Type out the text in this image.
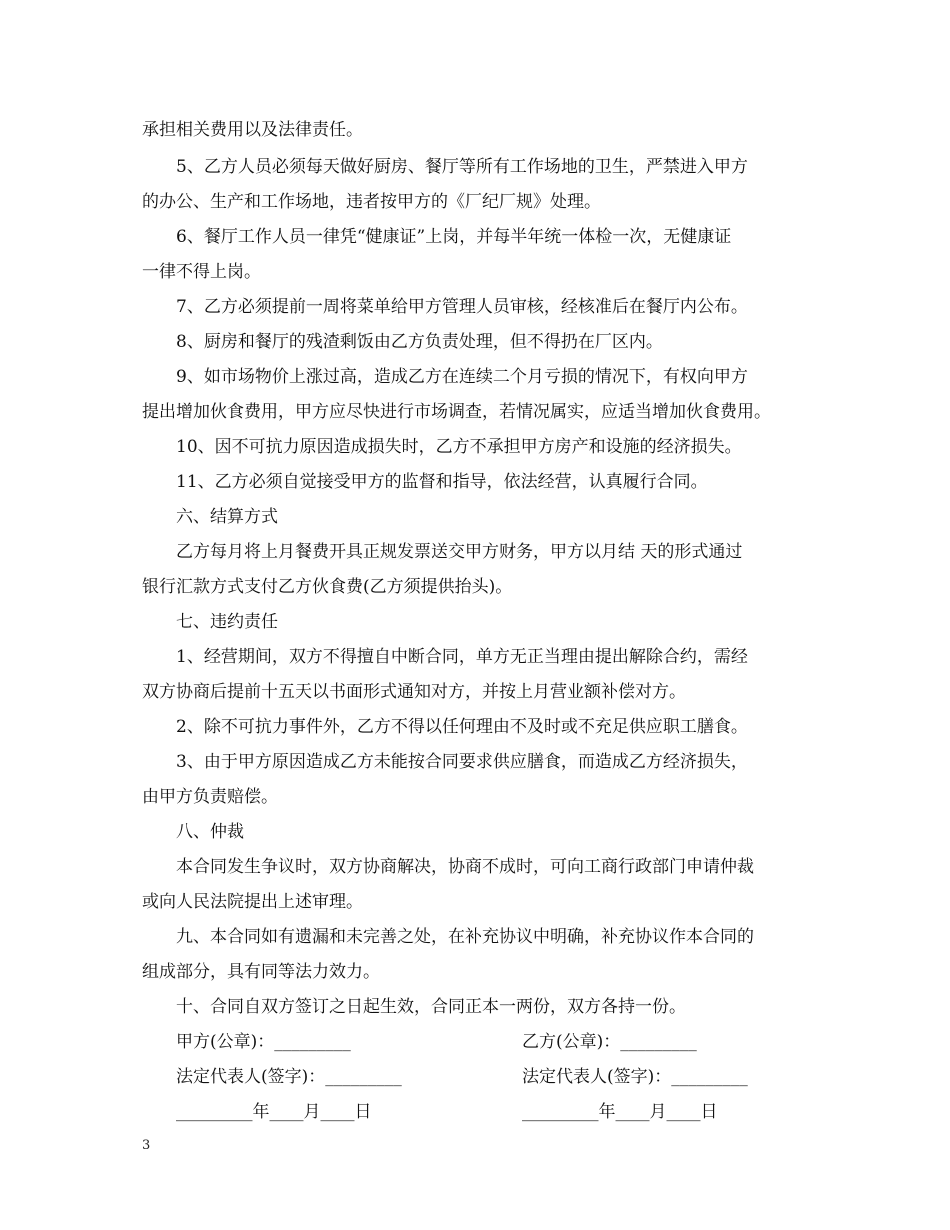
承担相关费用以及法律责任。
5、乙方人员必须每天做好厨房、餐厅等所有工作场地的卫生，严禁进入甲方
的办公、生产和工作场地，违者按甲方的《厂纪厂规》处理。
6、餐厅工作人员一律凭“健康证”上岗，并每半年统一体检一次，无健康证
一律不得上岗。
7、乙方必须提前一周将菜单给甲方管理人员审核，经核准后在餐厅内公布。
8、厨房和餐厅的残渣剩饭由乙方负责处理，但不得扔在厂区内。
9、如市场物价上涨过高，造成乙方在连续二个月亏损的情况下，有权向甲方
提出增加伙食费用，甲方应尽快进行市场调查，若情况属实，应适当增加伙食费用。
10、因不可抗力原因造成损失时，乙方不承担甲方房产和设施的经济损失。
11、乙方必须自觉接受甲方的监督和指导，依法经营，认真履行合同。
六、结算方式
乙方每月将上月餐费开具正规发票送交甲方财务，甲方以月结 天的形式通过
银行汇款方式支付乙方伙食费(乙方须提供抬头)。
七、违约责任
1、经营期间，双方不得擅自中断合同，单方无正当理由提出解除合约，需经
双方协商后提前十五天以书面形式通知对方，并按上月营业额补偿对方。
2、除不可抗力事件外，乙方不得以任何理由不及时或不充足供应职工膳食。
3、由于甲方原因造成乙方未能按合同要求供应膳食，而造成乙方经济损失，
由甲方负责赔偿。
八、仲裁
本合同发生争议时，双方协商解决，协商不成时，可向工商行政部门申请仲裁
或向人民法院提出上述审理。
九、本合同如有遗漏和未完善之处，在补充协议中明确，补充协议作本合同的
组成部分，具有同等法力效力。
十、合同自双方签订之日起生效，合同正本一两份，双方各持一份。
甲方(公章)：_________	乙方(公章)：_________
法定代表人(签字)：_________	法定代表人(签字)：_________
_________年____月____日	_________年____月____日
3
